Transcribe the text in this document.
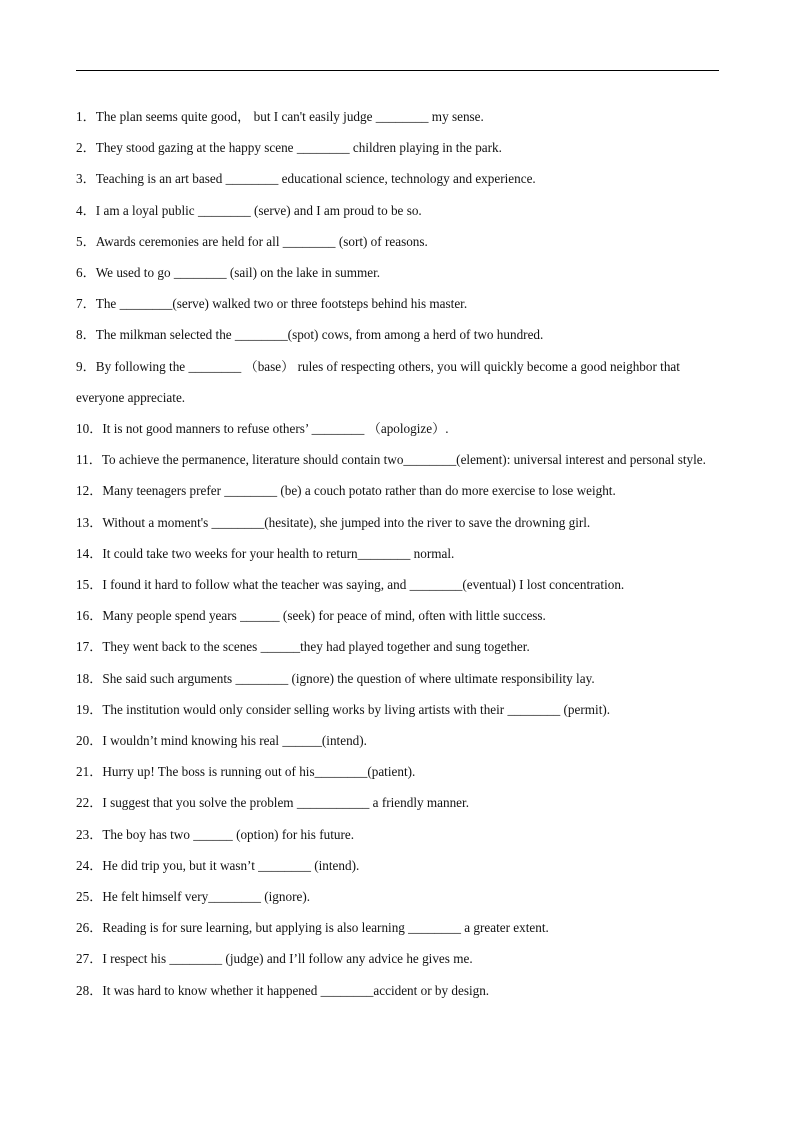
1．The plan seems quite good， but I can't easily judge ________ my sense.
2．They stood gazing at the happy scene ________ children playing in the park.
3．Teaching is an art based ________ educational science, technology and experience.
4．I am a loyal public ________ (serve) and I am proud to be so.
5．Awards ceremonies are held for all ________ (sort) of reasons.
6．We used to go ________ (sail) on the lake in summer.
7．The ________(serve) walked two or three footsteps behind his master.
8．The milkman selected the ________(spot) cows, from among a herd of two hundred.
9．By following the ________ （base） rules of respecting others, you will quickly become a good neighbor that everyone appreciate.
10．It is not good manners to refuse others’ ________ （apologize）.
11．To achieve the permanence, literature should contain two________(element): universal interest and personal style.
12．Many teenagers prefer ________ (be) a couch potato rather than do more exercise to lose weight.
13．Without a moment's ________(hesitate), she jumped into the river to save the drowning girl.
14．It could take two weeks for your health to return________ normal.
15．I found it hard to follow what the teacher was saying, and ________(eventual) I lost concentration.
16．Many people spend years ______ (seek) for peace of mind, often with little success.
17．They went back to the scenes ______they had played together and sung together.
18．She said such arguments ________ (ignore) the question of where ultimate responsibility lay.
19．The institution would only consider selling works by living artists with their ________ (permit).
20．I wouldn’t mind knowing his real ______(intend).
21．Hurry up! The boss is running out of his________(patient).
22．I suggest that you solve the problem ___________ a friendly manner.
23．The boy has two ______ (option) for his future.
24．He did trip you, but it wasn’t ________ (intend).
25．He felt himself very________ (ignore).
26．Reading is for sure learning, but applying is also learning ________ a greater extent.
27．I respect his ________ (judge) and I’ll follow any advice he gives me.
28．It was hard to know whether it happened ________accident or by design.
